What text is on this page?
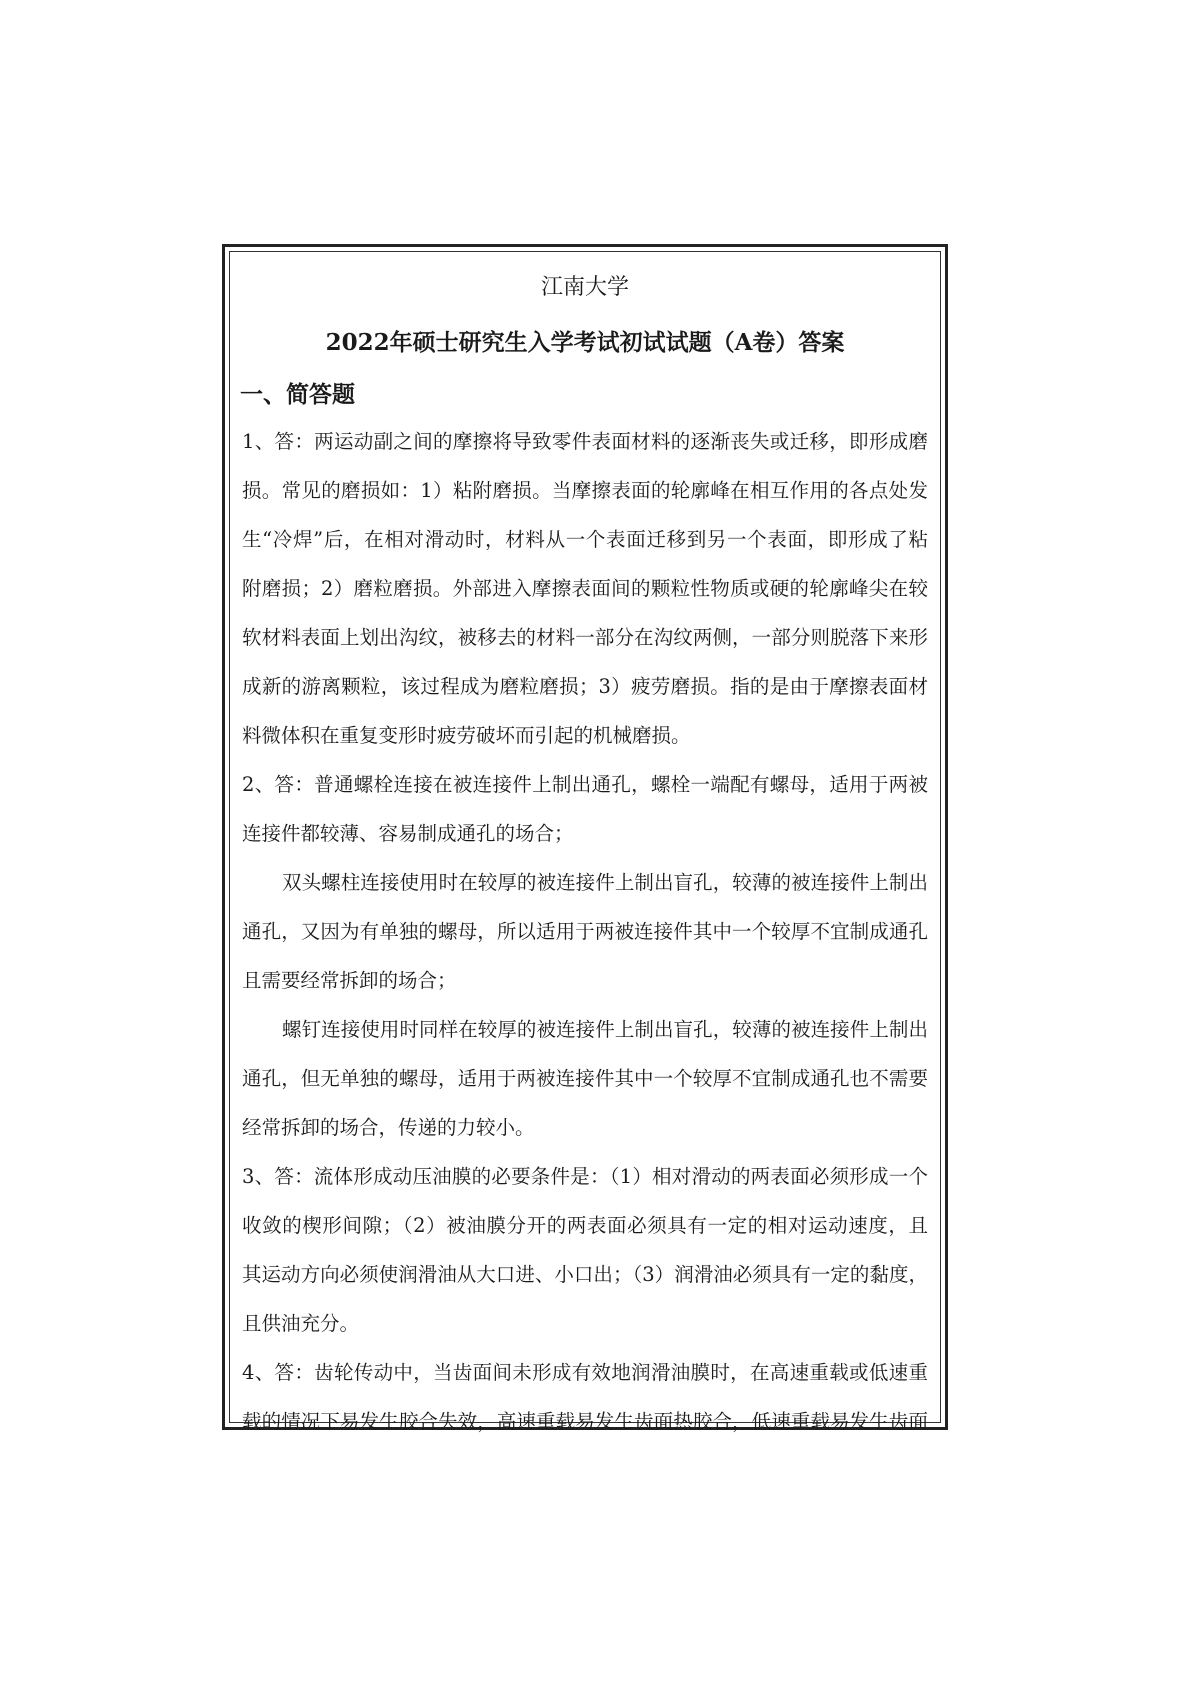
江南大学
2022年硕士研究生入学考试初试试题（A卷）答案
一、简答题
1、答：两运动副之间的摩擦将导致零件表面材料的逐渐丧失或迁移，即形成磨
损。常见的磨损如：1）粘附磨损。当摩擦表面的轮廓峰在相互作用的各点处发
生“冷焊”后，在相对滑动时，材料从一个表面迁移到另一个表面，即形成了粘
附磨损；2）磨粒磨损。外部进入摩擦表面间的颗粒性物质或硬的轮廓峰尖在较
软材料表面上划出沟纹，被移去的材料一部分在沟纹两侧，一部分则脱落下来形
成新的游离颗粒，该过程成为磨粒磨损；3）疲劳磨损。指的是由于摩擦表面材
料微体积在重复变形时疲劳破坏而引起的机械磨损。
2、答：普通螺栓连接在被连接件上制出通孔，螺栓一端配有螺母，适用于两被
连接件都较薄、容易制成通孔的场合；
双头螺柱连接使用时在较厚的被连接件上制出盲孔，较薄的被连接件上制出
通孔，又因为有单独的螺母，所以适用于两被连接件其中一个较厚不宜制成通孔
且需要经常拆卸的场合；
螺钉连接使用时同样在较厚的被连接件上制出盲孔，较薄的被连接件上制出
通孔，但无单独的螺母，适用于两被连接件其中一个较厚不宜制成通孔也不需要
经常拆卸的场合，传递的力较小。
3、答：流体形成动压油膜的必要条件是：（1）相对滑动的两表面必须形成一个
收敛的楔形间隙；（2）被油膜分开的两表面必须具有一定的相对运动速度，且
其运动方向必须使润滑油从大口进、小口出；（3）润滑油必须具有一定的黏度，
且供油充分。
4、答：齿轮传动中，当齿面间未形成有效地润滑油膜时，在高速重载或低速重
载的情况下易发生胶合失效，高速重载易发生齿面热胶合，低速重载易发生齿面
